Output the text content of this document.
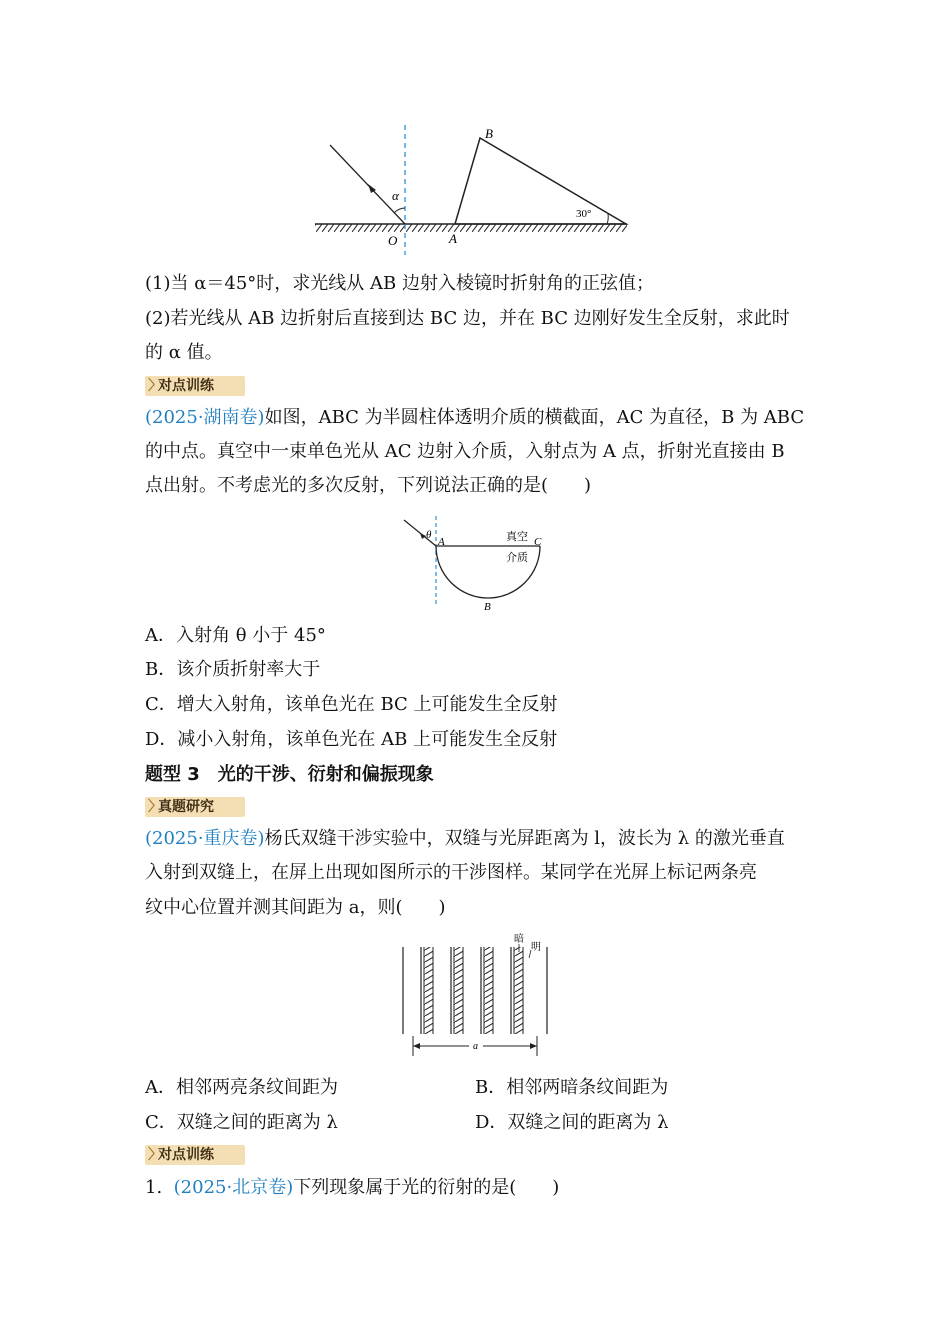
B
O	A
α
30°
(1)当 α＝45°时，求光线从 AB 边射入棱镜时折射角的正弦值；
(2)若光线从 AB 边折射后直接到达 BC 边，并在 BC 边刚好发生全反射，求此时
的 α 值。
〉对点训练
(2025·湖南卷)如图，ABC 为半圆柱体透明介质的横截面，AC 为直径，B 为 ABC
的中点。真空中一束单色光从 AC 边射入介质，入射点为 A 点，折射光直接由 B
点出射。不考虑光的多次反射，下列说法正确的是(　　)
θ
A	C
B
真空
介质
A．入射角 θ 小于 45°
B．该介质折射率大于
C．增大入射角，该单色光在 BC 上可能发生全反射
D．减小入射角，该单色光在 AB 上可能发生全反射
题型 3　光的干涉、衍射和偏振现象
〉真题研究
(2025·重庆卷)杨氏双缝干涉实验中，双缝与光屏距离为 l，波长为 λ 的激光垂直
入射到双缝上，在屏上出现如图所示的干涉图样。某同学在光屏上标记两条亮
纹中心位置并测其间距为 a，则(　　)
暗
明
a
A．相邻两亮条纹间距为	B．相邻两暗条纹间距为
C．双缝之间的距离为 λ	D．双缝之间的距离为 λ
〉对点训练
1. (2025·北京卷)下列现象属于光的衍射的是(　　)
